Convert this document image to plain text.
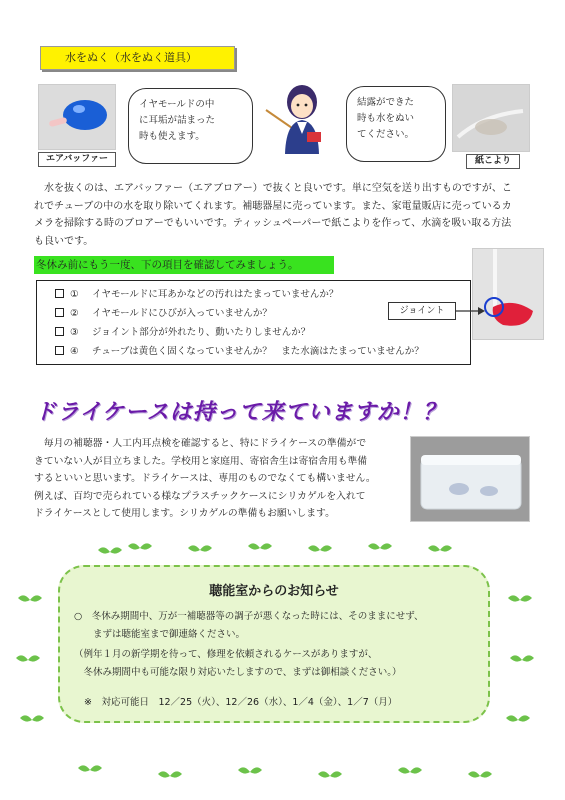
水をぬく（水をぬく道具）
エアバッファー
イヤモールドの中
に耳垢が詰まった
時も使えます。
結露ができた
時も水をぬい
てください。
紙こより
　水を抜くのは、エアバッファー（エアブロアー）で抜くと良いです。単に空気を送り出すものですが、こ
れでチューブの中の水を取り除いてくれます。補聴器屋に売っています。また、家電量販店に売っているカ
メラを掃除する時のブロアーでもいいです。ティッシュペーパーで紙こよりを作って、水滴を吸い取る方法
も良いです。
冬休み前にもう一度、下の項目を確認してみましょう。
① イヤモールドに耳あかなどの汚れはたまっていませんか？
② イヤモールドにひびが入っていませんか？
③ ジョイント部分が外れたり、動いたりしませんか？
④ チューブは黄色く固くなっていませんか？　また水滴はたまっていませんか？
ジョイント
ドライケースは持って来ていますか！？
　毎月の補聴器・人工内耳点検を確認すると、特にドライケースの準備がで
きていない人が目立ちました。学校用と家庭用、寄宿舎生は寄宿舎用も準備
するといいと思います。ドライケースは、専用のものでなくても構いません。
例えば、百均で売られている様なプラスチックケースにシリカゲルを入れて
ドライケースとして使用します。シリカゲルの準備もお願いします。
聴能室からのお知らせ
○　冬休み期間中、万が一補聴器等の調子が悪くなった時には、そのままにせず、
　　まずは聴能室まで御連絡ください。
（例年１月の新学期を待って、修理を依頼されるケースがありますが、
　冬休み期間中も可能な限り対応いたしますので、まずは御相談ください。）
※　対応可能日　12／25（火）、12／26（水）、1／4（金）、1／7（月）
